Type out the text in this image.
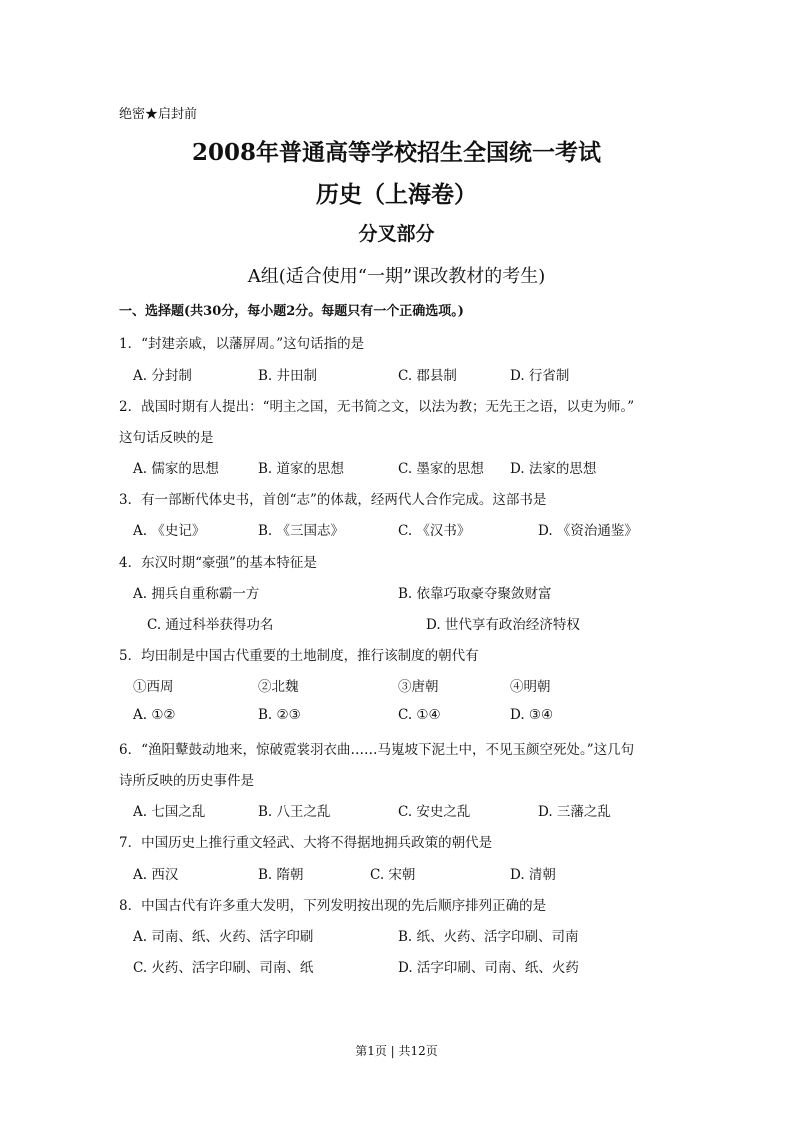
绝密★启封前
2008年普通高等学校招生全国统一考试
历史（上海卷）
分叉部分
A组(适合使用“一期”课改教材的考生)
一、选择题(共30分，每小题2分。每题只有一个正确选项。)
1．“封建亲戚，以藩屏周。”这句话指的是
A. 分封制	B. 井田制	C. 郡县制	D. 行省制
2．战国时期有人提出：“明主之国，无书简之文，以法为教；无先王之语，以吏为师。”
这句话反映的是
A. 儒家的思想	B. 道家的思想	C. 墨家的思想 D. 法家的思想
3．有一部断代体史书，首创“志”的体裁，经两代人合作完成。这部书是
A. 《史记》	B. 《三国志》	C. 《汉书》	D. 《资治通鉴》
4．东汉时期“豪强”的基本特征是
A. 拥兵自重称霸一方	B. 依靠巧取豪夺聚敛财富
C. 通过科举获得功名	D. 世代享有政治经济特权
5．均田制是中国古代重要的土地制度，推行该制度的朝代有
①西周	②北魏	③唐朝	④明朝
A. ①②	B. ②③	C. ①④	D. ③④
6．“渔阳鼙鼓动地来，惊破霓裳羽衣曲……马嵬坡下泥土中，不见玉颜空死处。”这几句
诗所反映的历史事件是
A. 七国之乱	B. 八王之乱	C. 安史之乱	D. 三藩之乱
7．中国历史上推行重文轻武、大将不得据地拥兵政策的朝代是
A. 西汉	B. 隋朝	C. 宋朝	D. 清朝
8．中国古代有许多重大发明，下列发明按出现的先后顺序排列正确的是
A. 司南、纸、火药、活字印刷	B. 纸、火药、活字印刷、司南
C. 火药、活字印刷、司南、纸	D. 活字印刷、司南、纸、火药
第1页 | 共12页
